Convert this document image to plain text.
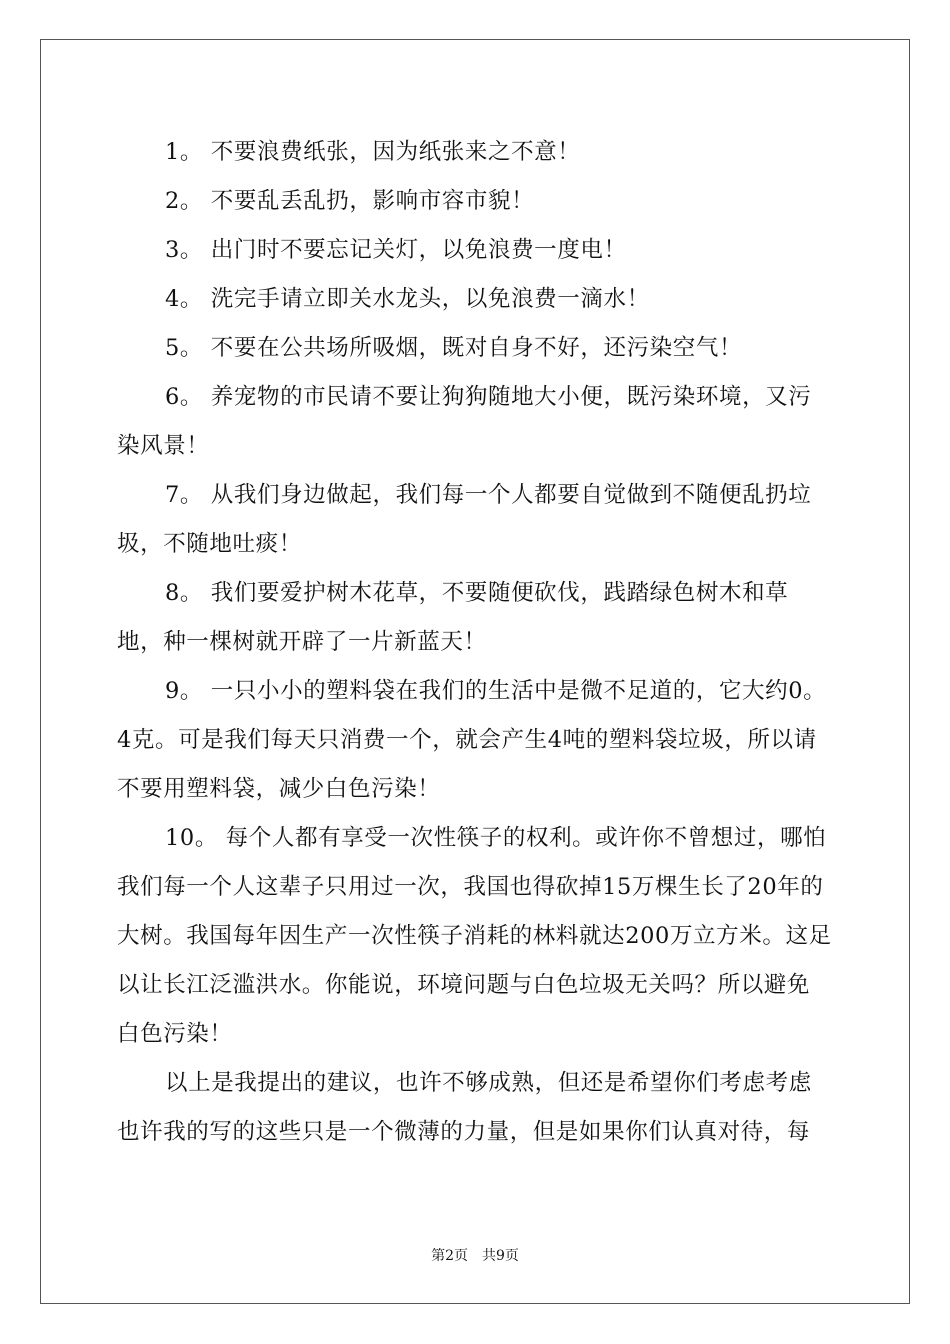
1。 不要浪费纸张，因为纸张来之不意！

2。 不要乱丢乱扔，影响市容市貌！

3。 出门时不要忘记关灯，以免浪费一度电！

4。 洗完手请立即关水龙头，以免浪费一滴水！

5。 不要在公共场所吸烟，既对自身不好，还污染空气！

6。 养宠物的市民请不要让狗狗随地大小便，既污染环境，又污染风景！

7。 从我们身边做起，我们每一个人都要自觉做到不随便乱扔垃圾，不随地吐痰！

8。 我们要爱护树木花草，不要随便砍伐，践踏绿色树木和草地，种一棵树就开辟了一片新蓝天！

9。 一只小小的塑料袋在我们的生活中是微不足道的，它大约0。4克。可是我们每天只消费一个，就会产生4吨的塑料袋垃圾，所以请不要用塑料袋，减少白色污染！

10。 每个人都有享受一次性筷子的权利。或许你不曾想过，哪怕我们每一个人这辈子只用过一次，我国也得砍掉15万棵生长了20年的大树。我国每年因生产一次性筷子消耗的林料就达200万立方米。这足以让长江泛滥洪水。你能说，环境问题与白色垃圾无关吗？所以避免白色污染！

以上是我提出的建议，也许不够成熟，但还是希望你们考虑考虑也许我的写的这些只是一个微薄的力量，但是如果你们认真对待，每

第2页　共9页
